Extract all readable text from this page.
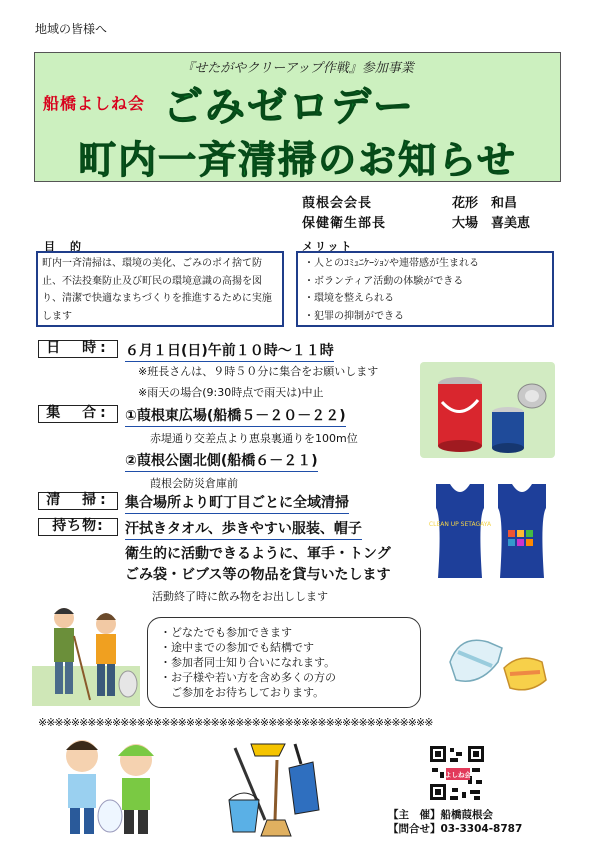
地域の皆様へ
『せたがやクリーアップ作戦』参加事業
船橋よしね会 ごみゼロデー
町内一斉清掃のお知らせ
葭根会会長	花形　和昌
保健衛生部長	大場　喜美恵
目　的	メリット
町内一斉清掃は、環境の美化、ごみのポイ捨て防止、不法投棄防止及び町民の環境意識の高揚を図り、清潔で快適なまちづくりを推進するために実施します
・人とのｺﾐｭﾆｹｰｼｮﾝや連帯感が生まれる
・ボランティア活動の体験ができる
・環境を整えられる
・犯罪の抑制ができる
日　時:	６月１日(日)午前１０時～１１時
※班長さんは、９時５０分に集合をお願いします
※雨天の場合(9:30時点で雨天は)中止
集　合:	①葭根東広場(船橋５－２０－２２)
赤堤通り交差点より恵泉裏通りを100m位
②葭根公園北側(船橋６－２１)
葭根会防災倉庫前
清　掃:	集合場所より町丁目ごとに全域清掃
持ち物:	汗拭きタオル、歩きやすい服装、帽子
衛生的に活動できるように、軍手・トング
ごみ袋・ビブス等の物品を貸与いたします
活動終了時に飲み物をお出しします
CLEAN UP SETAGAYA
・どなたでも参加できます
・途中までの参加でも結構です
・参加者同士知り合いになれます。
・お子様や若い方を含め多くの方の
　ご参加をお待ちしております。
※※※※※※※※※※※※※※※※※※※※※※※※※※※※※※※※※※※※※※※※※※※※※※※※
よしね会
【主　催】船橋葭根会
【問合せ】03-3304-8787
